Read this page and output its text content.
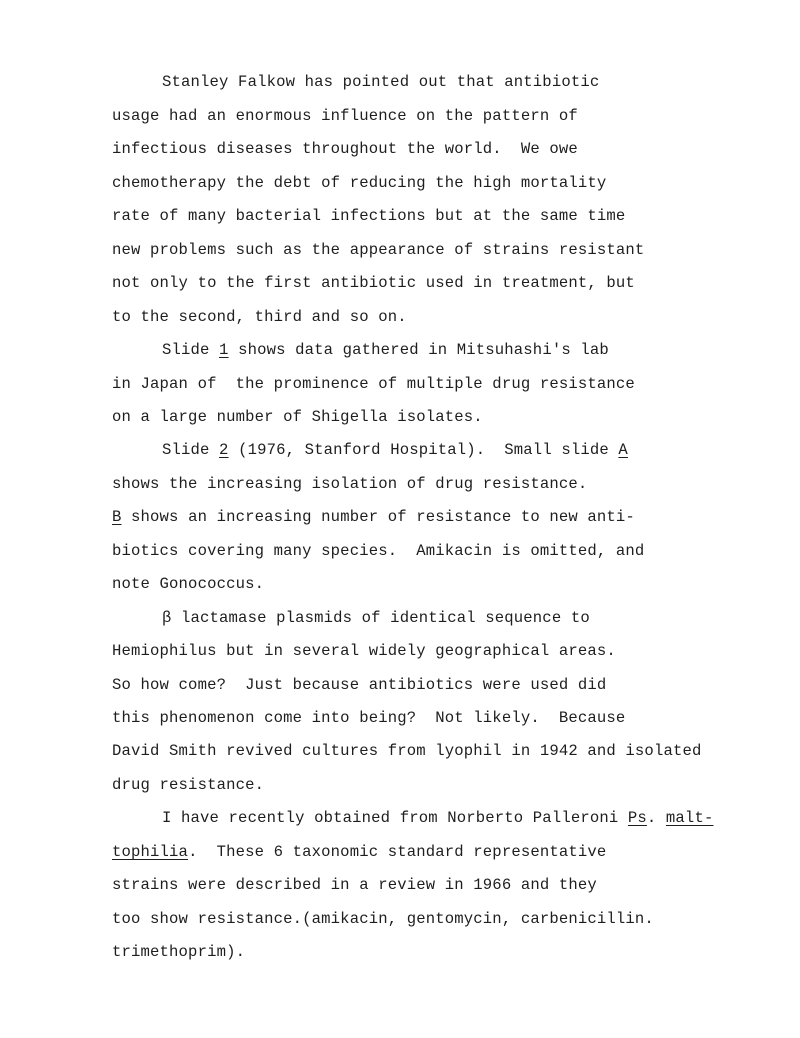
Stanley Falkow has pointed out that antibiotic
usage had an enormous influence on the pattern of
infectious diseases throughout the world.  We owe
chemotherapy the debt of reducing the high mortality
rate of many bacterial infections but at the same time
new problems such as the appearance of strains resistant
not only to the first antibiotic used in treatment, but
to the second, third and so on.
Slide 1 shows data gathered in Mitsuhashi's lab
in Japan of  the prominence of multiple drug resistance
on a large number of Shigella isolates.
Slide 2 (1976, Stanford Hospital).  Small slide A
shows the increasing isolation of drug resistance.
B shows an increasing number of resistance to new anti-
biotics covering many species.  Amikacin is omitted, and
note Gonococcus.
β lactamase plasmids of identical sequence to
Hemiophilus but in several widely geographical areas.
So how come?  Just because antibiotics were used did
this phenomenon come into being?  Not likely.  Because
David Smith revived cultures from lyophil in 1942 and isolated
drug resistance.
I have recently obtained from Norberto Palleroni Ps. malt-
tophilia.  These 6 taxonomic standard representative
strains were described in a review in 1966 and they
too show resistance.(amikacin, gentomycin, carbenicillin.
trimethoprim).
